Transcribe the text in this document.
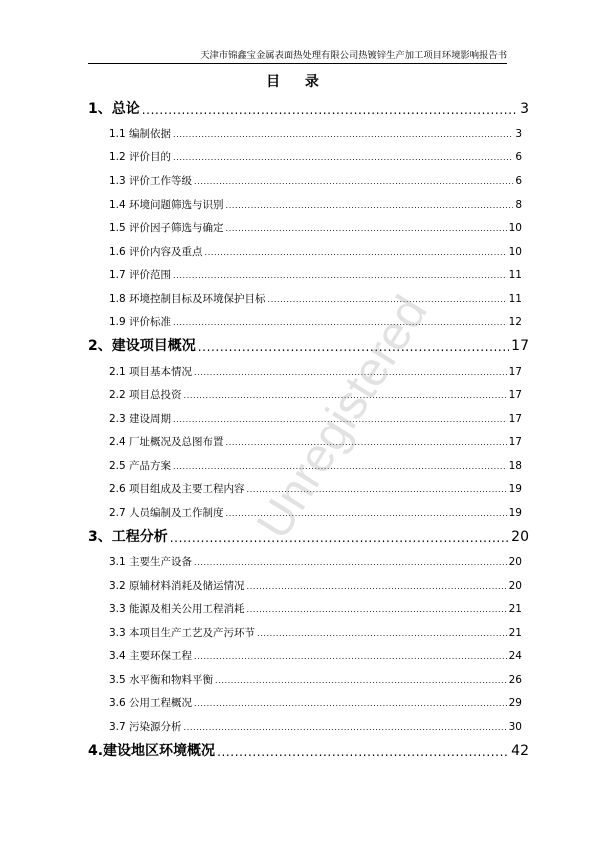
天津市锦鑫宝金属表面热处理有限公司热镀锌生产加工项目环境影响报告书
目 录
1、总论 .....	3
1.1 编制依据 .....	3
1.2 评价目的 .....	6
1.3 评价工作等级 .....	6
1.4 环境问题筛选与识别 .....	8
1.5 评价因子筛选与确定 .....	10
1.6 评价内容及重点 .....	10
1.7 评价范围 .....	11
1.8 环境控制目标及环境保护目标 .....	11
1.9 评价标准 .....	12
2、建设项目概况 .....	17
2.1 项目基本情况 .....	17
2.2 项目总投资 .....	17
2.3 建设周期 .....	17
2.4 厂址概况及总图布置 .....	17
2.5 产品方案 .....	18
2.6 项目组成及主要工程内容 .....	19
2.7 人员编制及工作制度 .....	19
3、工程分析 .....	20
3.1 主要生产设备 .....	20
3.2 原辅材料消耗及储运情况 .....	20
3.3 能源及相关公用工程消耗 .....	21
3.3 本项目生产工艺及产污环节 .....	21
3.4 主要环保工程 .....	24
3.5 水平衡和物料平衡 .....	26
3.6 公用工程概况 .....	29
3.7 污染源分析 .....	30
4.建设地区环境概况 .....	42
Unregistered
